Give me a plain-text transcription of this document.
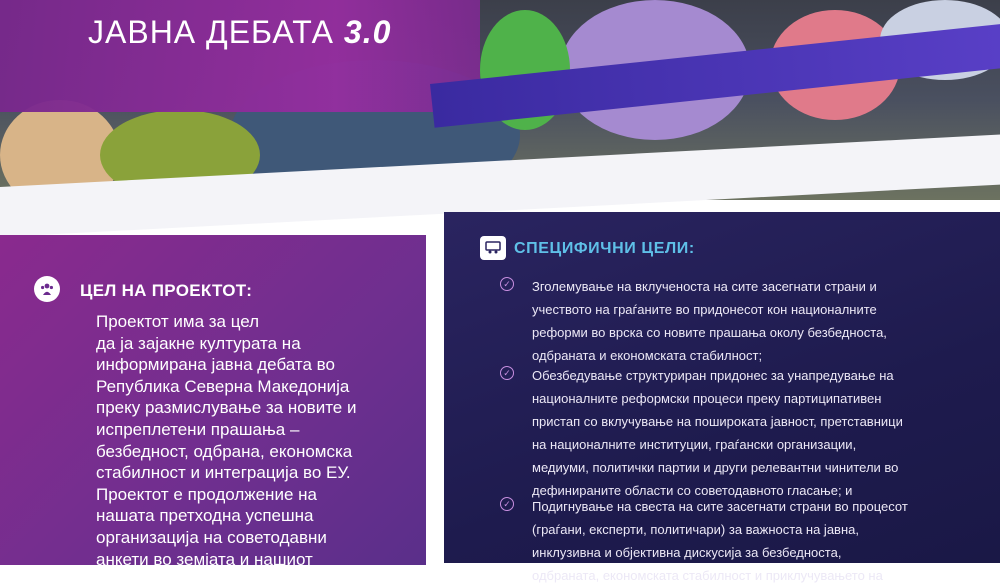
ЈАВНА ДЕБАТА 3.0
ЦЕЛ НА ПРОЕКТОТ:
Проектот има за цел
да ја зајакне културата на
информирана јавна дебата во
Република Северна Македонија
преку размислување за новите и
испреплетени прашања –
безбедност, одбрана, економска
стабилност и интеграција во ЕУ.
Проектот е продолжение на
нашата претходна успешна
организација на советодавни
анкети во земјата и нашиот
СПЕЦИФИЧНИ ЦЕЛИ:
✓ Зголемување на вклученоста на сите засегнати страни и
учеството на граѓаните во придонесот кон националните
реформи во врска со новите прашања околу безбедноста,
одбраната и економската стабилност;
✓ Обезбедување структуриран придонес за унапредување на
националните реформски процеси преку партиципативен
пристап со вклучување на пошироката јавност, претставници
на националните институции, граѓански организации,
медиуми, политички партии и други релевантни чинители во
дефинираните области со советодавното гласање; и
✓ Подигнување на свеста на сите засегнати страни во процесот
(граѓани, експерти, политичари) за важноста на јавна,
инклузивна и објективна дискусија за безбедноста,
одбраната, економската стабилност и приклучувањето на
